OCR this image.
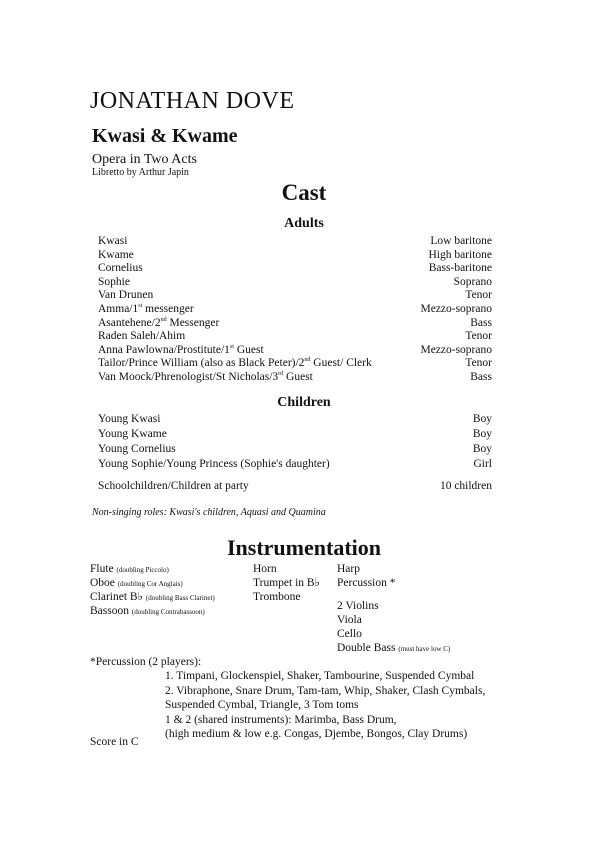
JONATHAN DOVE
Kwasi & Kwame
Opera in Two Acts
Libretto by Arthur Japin
Cast
Adults
Kwasi	Low baritone
Kwame	High baritone
Cornelius	Bass-baritone
Sophie	Soprano
Van Drunen	Tenor
Amma/1st messenger	Mezzo-soprano
Asantehene/2nd Messenger	Bass
Raden Saleh/Ahim	Tenor
Anna Pawlowna/Prostitute/1st Guest	Mezzo-soprano
Tailor/Prince William (also as Black Peter)/2nd Guest/ Clerk	Tenor
Van Moock/Phrenologist/St Nicholas/3rd Guest	Bass
Children
Young Kwasi	Boy
Young Kwame	Boy
Young Cornelius	Boy
Young Sophie/Young Princess (Sophie's daughter)	Girl
Schoolchildren/Children at party	10 children
Non-singing roles: Kwasi's children, Aquasi and Quamina
Instrumentation
Flute (doubling Piccolo)
Oboe (doubling Cor Anglais)
Clarinet B♭ (doubling Bass Clarinet)
Bassoon (doubling Contrabassoon)
Horn
Trumpet in B♭
Trombone
Harp
Percussion *
2 Violins
Viola
Cello
Double Bass (must have low C)
*Percussion (2 players):
1. Timpani, Glockenspiel, Shaker, Tambourine, Suspended Cymbal
2. Vibraphone, Snare Drum, Tam-tam, Whip, Shaker, Clash Cymbals,
Suspended Cymbal, Triangle, 3 Tom toms
1 & 2 (shared instruments): Marimba, Bass Drum,
(high medium & low e.g. Congas, Djembe, Bongos, Clay Drums)
Score in C
